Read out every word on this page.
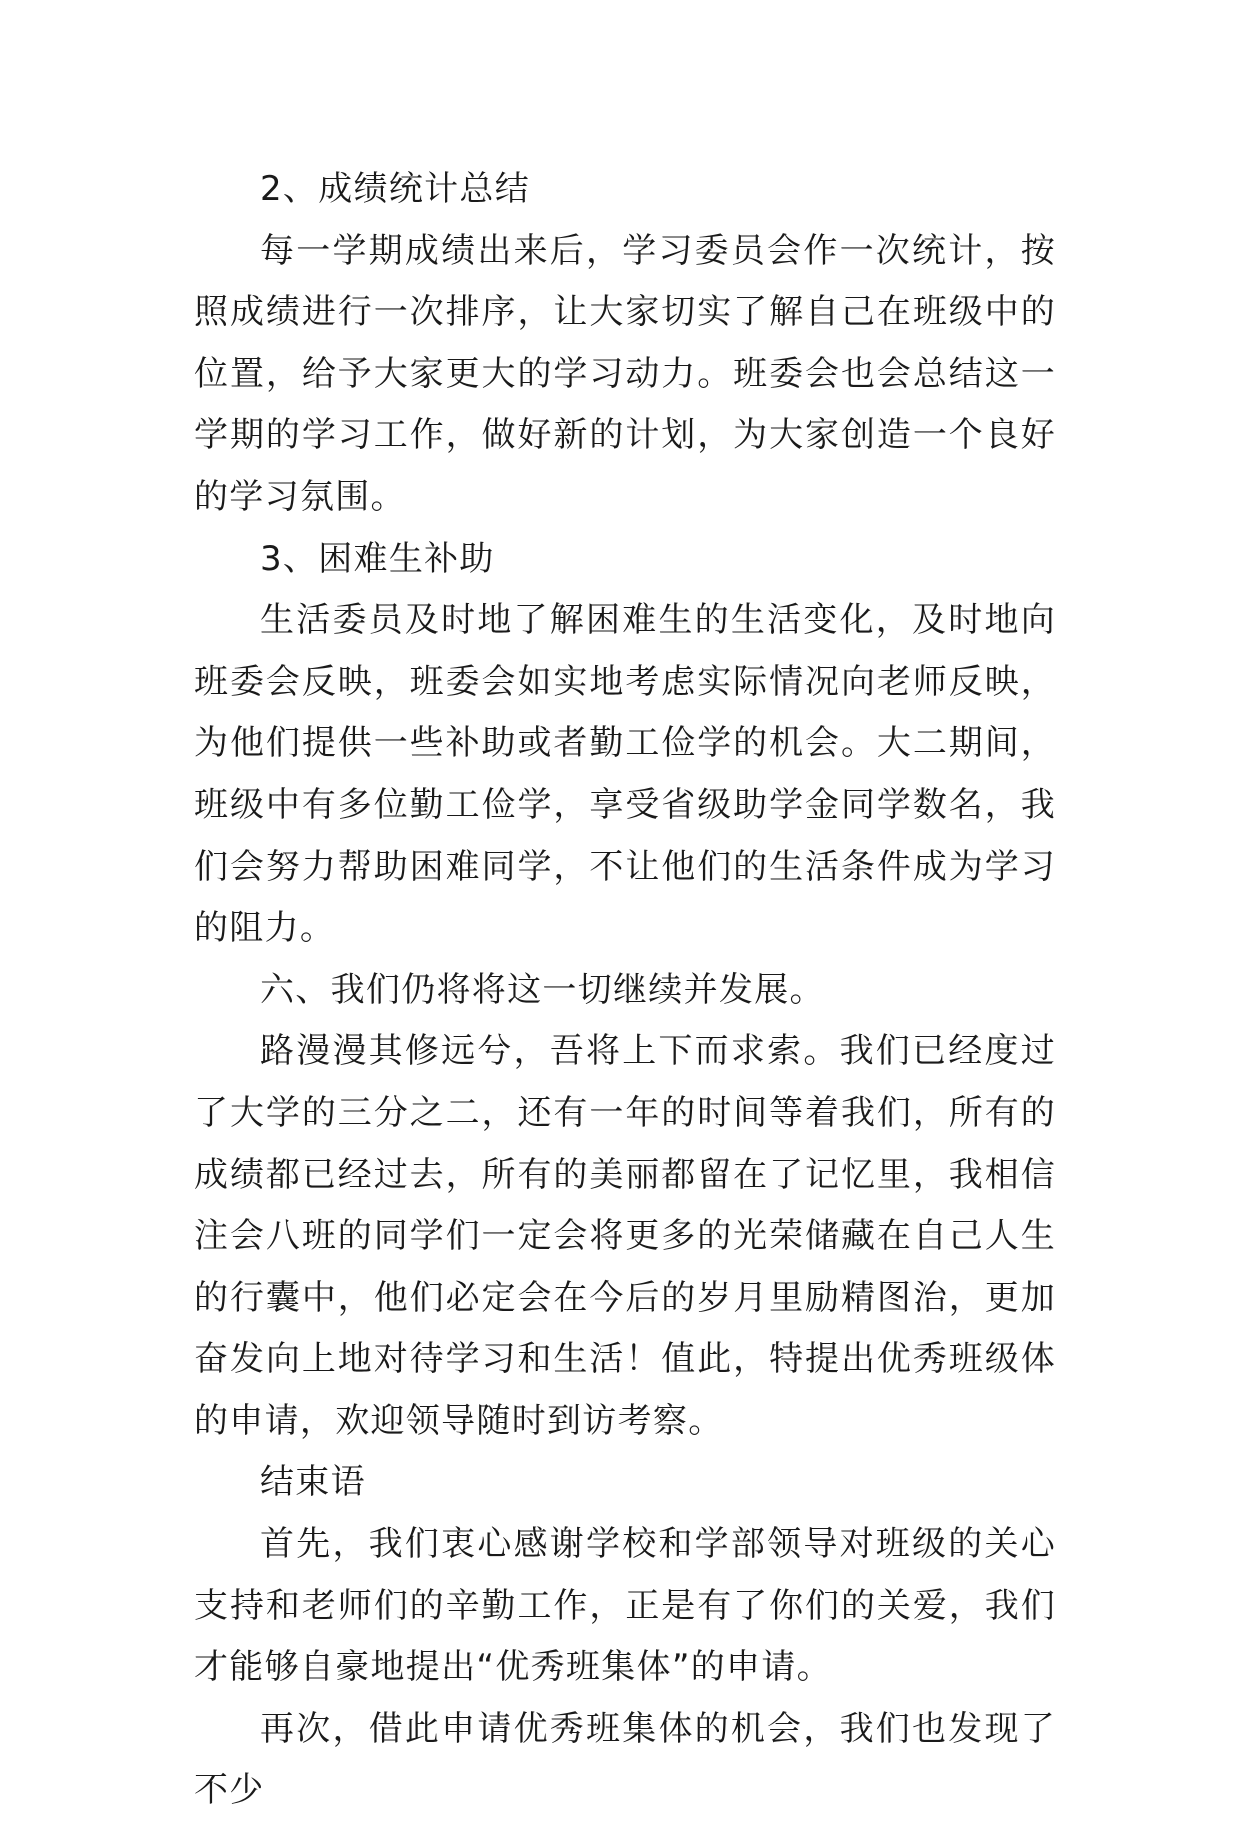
2、成绩统计总结

每一学期成绩出来后，学习委员会作一次统计，按照成绩进行一次排序，让大家切实了解自己在班级中的位置，给予大家更大的学习动力。班委会也会总结这一学期的学习工作，做好新的计划，为大家创造一个良好的学习氛围。

3、困难生补助

生活委员及时地了解困难生的生活变化，及时地向班委会反映，班委会如实地考虑实际情况向老师反映，为他们提供一些补助或者勤工俭学的机会。大二期间，班级中有多位勤工俭学，享受省级助学金同学数名，我们会努力帮助困难同学，不让他们的生活条件成为学习的阻力。

六、我们仍将将这一切继续并发展。

路漫漫其修远兮，吾将上下而求索。我们已经度过了大学的三分之二，还有一年的时间等着我们，所有的成绩都已经过去，所有的美丽都留在了记忆里，我相信注会八班的同学们一定会将更多的光荣储藏在自己人生的行囊中，他们必定会在今后的岁月里励精图治，更加奋发向上地对待学习和生活！值此，特提出优秀班级体的申请，欢迎领导随时到访考察。

结束语

首先，我们衷心感谢学校和学部领导对班级的关心支持和老师们的辛勤工作，正是有了你们的关爱，我们才能够自豪地提出“优秀班集体”的申请。

再次，借此申请优秀班集体的机会，我们也发现了不少
